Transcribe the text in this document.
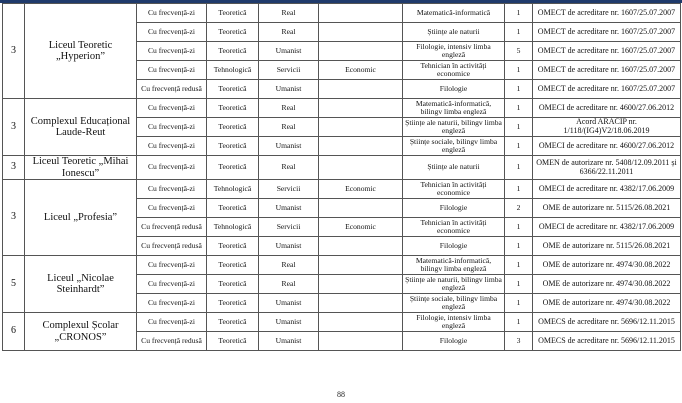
3	Liceul Teoretic „Hyperion”	Cu frecvență-zi	Teoretică	Real		Matematică-informatică	1	OMECT de acreditare nr. 1607/25.07.2007
		Cu frecvență-zi	Teoretică	Real		Științe ale naturii	1	OMECT de acreditare nr. 1607/25.07.2007
		Cu frecvență-zi	Teoretică	Umanist		Filologie, intensiv limba engleză	5	OMECT de acreditare nr. 1607/25.07.2007
		Cu frecvență-zi	Tehnologică	Servicii	Economic	Tehnician în activități economice	1	OMECT de acreditare nr. 1607/25.07.2007
		Cu frecvență redusă	Teoretică	Umanist		Filologie	1	OMECT de acreditare nr. 1607/25.07.2007
3	Complexul Educațional Laude-Reut	Cu frecvență-zi	Teoretică	Real		Matematică-informatică, bilingv limba engleză	1	OMECI de acreditare nr. 4600/27.06.2012
		Cu frecvență-zi	Teoretică	Real		Științe ale naturii, bilingv limba engleză	1	Acord ARACIP nr. 1/118/(IG4)V2/18.06.2019
		Cu frecvență-zi	Teoretică	Umanist		Științe sociale, bilingv limba engleză	1	OMECI de acreditare nr. 4600/27.06.2012
3	Liceul Teoretic „Mihai Ionescu”	Cu frecvență-zi	Teoretică	Real		Științe ale naturii	1	OMEN de autorizare nr. 5408/12.09.2011 și 6366/22.11.2011
3	Liceul „Profesia”	Cu frecvență-zi	Tehnologică	Servicii	Economic	Tehnician în activități economice	1	OMECI de acreditare nr. 4382/17.06.2009
		Cu frecvență-zi	Teoretică	Umanist		Filologie	2	OME de autorizare nr. 5115/26.08.2021
		Cu frecvență redusă	Tehnologică	Servicii	Economic	Tehnician în activități economice	1	OMECI de acreditare nr. 4382/17.06.2009
		Cu frecvență redusă	Teoretică	Umanist		Filologie	1	OME de autorizare nr. 5115/26.08.2021
5	Liceul „Nicolae Steinhardt”	Cu frecvență-zi	Teoretică	Real		Matematică-informatică, bilingv limba engleză	1	OME de autorizare nr. 4974/30.08.2022
		Cu frecvență-zi	Teoretică	Real		Științe ale naturii, bilingv limba engleză	1	OME de autorizare nr. 4974/30.08.2022
		Cu frecvență-zi	Teoretică	Umanist		Științe sociale, bilingv limba engleză	1	OME de autorizare nr. 4974/30.08.2022
6	Complexul Școlar „CRONOS”	Cu frecvență-zi	Teoretică	Umanist		Filologie, intensiv limba engleză	1	OMECS de acreditare nr. 5696/12.11.2015
		Cu frecvență redusă	Teoretică	Umanist		Filologie	3	OMECS de acreditare nr. 5696/12.11.2015
88
